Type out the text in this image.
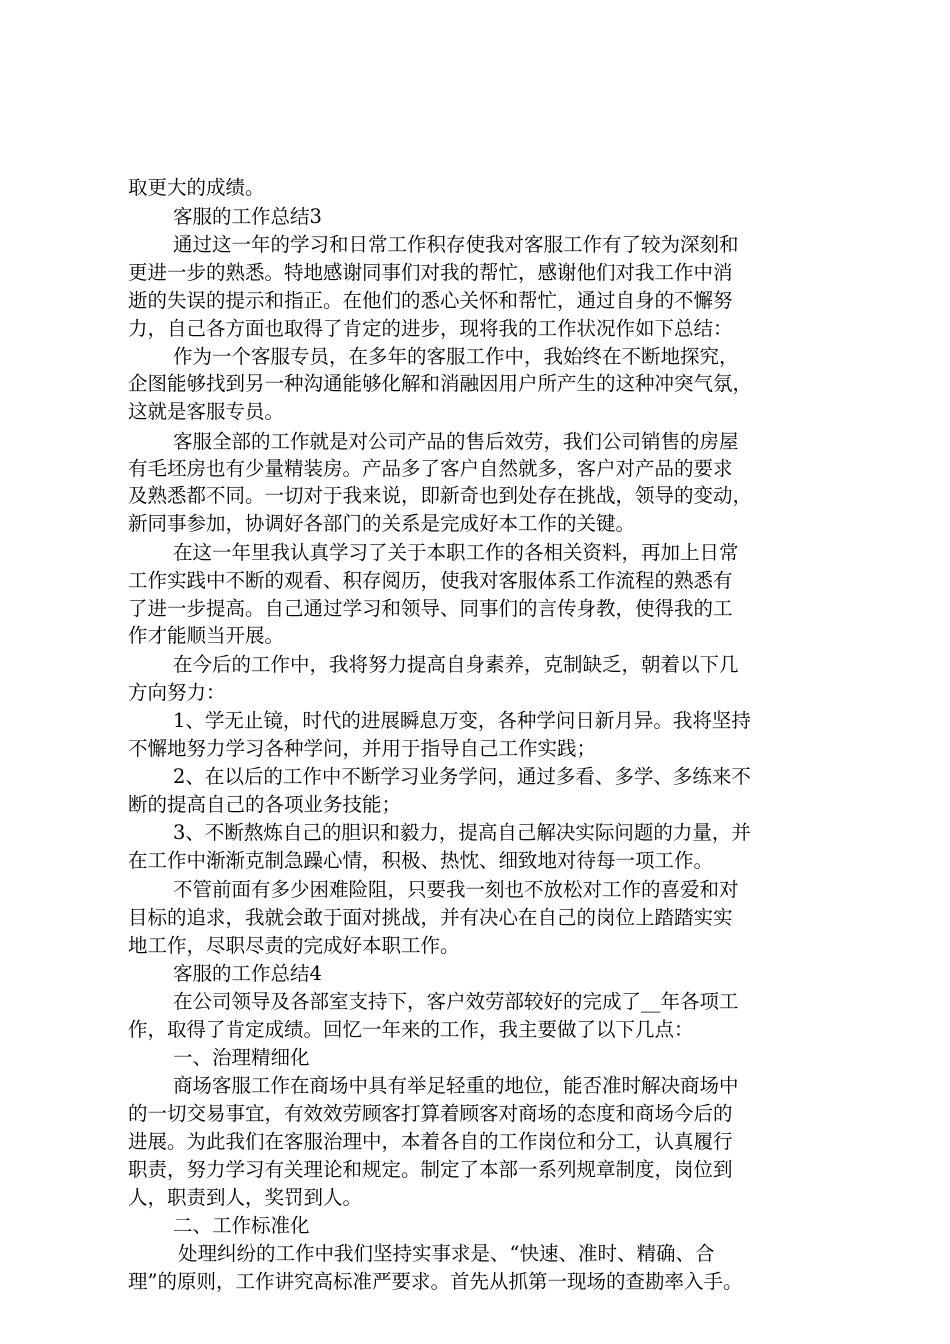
取更大的成绩。

客服的工作总结3

通过这一年的学习和日常工作积存使我对客服工作有了较为深刻和

更进一步的熟悉。特地感谢同事们对我的帮忙，感谢他们对我工作中消

逝的失误的提示和指正。在他们的悉心关怀和帮忙，通过自身的不懈努

力，自己各方面也取得了肯定的进步，现将我的工作状况作如下总结：

作为一个客服专员，在多年的客服工作中，我始终在不断地探究，

企图能够找到另一种沟通能够化解和消融因用户所产生的这种冲突气氛，

这就是客服专员。

客服全部的工作就是对公司产品的售后效劳，我们公司销售的房屋

有毛坯房也有少量精装房。产品多了客户自然就多，客户对产品的要求

及熟悉都不同。一切对于我来说，即新奇也到处存在挑战，领导的变动，

新同事参加，协调好各部门的关系是完成好本工作的关键。

在这一年里我认真学习了关于本职工作的各相关资料，再加上日常

工作实践中不断的观看、积存阅历，使我对客服体系工作流程的熟悉有

了进一步提高。自己通过学习和领导、同事们的言传身教，使得我的工

作才能顺当开展。

在今后的工作中，我将努力提高自身素养，克制缺乏，朝着以下几

方向努力：

1、学无止镜，时代的进展瞬息万变，各种学问日新月异。我将坚持

不懈地努力学习各种学问，并用于指导自己工作实践；

2、在以后的工作中不断学习业务学问，通过多看、多学、多练来不

断的提高自己的各项业务技能；

3、不断熬炼自己的胆识和毅力，提高自己解决实际问题的力量，并

在工作中渐渐克制急躁心情，积极、热忱、细致地对待每一项工作。

不管前面有多少困难险阻，只要我一刻也不放松对工作的喜爱和对

目标的追求，我就会敢于面对挑战，并有决心在自己的岗位上踏踏实实

地工作，尽职尽责的完成好本职工作。

客服的工作总结4

在公司领导及各部室支持下，客户效劳部较好的完成了__年各项工

作，取得了肯定成绩。回忆一年来的工作，我主要做了以下几点：

一、治理精细化

商场客服工作在商场中具有举足轻重的地位，能否准时解决商场中

的一切交易事宜，有效效劳顾客打算着顾客对商场的态度和商场今后的

进展。为此我们在客服治理中，本着各自的工作岗位和分工，认真履行

职责，努力学习有关理论和规定。制定了本部一系列规章制度，岗位到

人，职责到人，奖罚到人。

二、工作标准化

处理纠纷的工作中我们坚持实事求是、“快速、准时、精确、合

理”的原则，工作讲究高标准严要求。首先从抓第一现场的查勘率入手。
